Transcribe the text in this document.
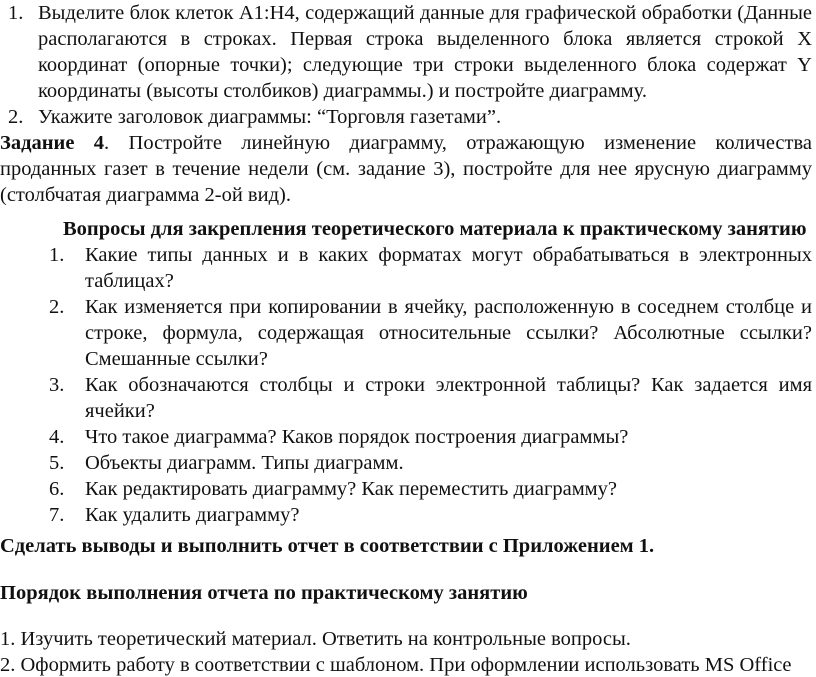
1. Выделите блок клеток А1:Н4, содержащий данные для графической обработки (Данные располагаются в строках. Первая строка выделенного блока является строкой Х координат (опорные точки); следующие три строки выделенного блока содержат Y координаты (высоты столбиков) диаграммы.) и постройте диаграмму.
2. Укажите заголовок диаграммы: “Торговля газетами”.

Задание 4. Постройте линейную диаграмму, отражающую изменение количества проданных газет в течение недели (см. задание 3), постройте для нее ярусную диаграмму (столбчатая диаграмма 2-ой вид).

Вопросы для закрепления теоретического материала к практическому занятию

1. Какие типы данных и в каких форматах могут обрабатываться в электронных таблицах?
2. Как изменяется при копировании в ячейку, расположенную в соседнем столбце и строке, формула, содержащая относительные ссылки? Абсолютные ссылки? Смешанные ссылки?
3. Как обозначаются столбцы и строки электронной таблицы? Как задается имя ячейки?
4. Что такое диаграмма? Каков порядок построения диаграммы?
5. Объекты диаграмм. Типы диаграмм.
6. Как редактировать диаграмму? Как переместить диаграмму?
7. Как удалить диаграмму?

Сделать выводы и выполнить отчет в соответствии с Приложением 1.

Порядок выполнения отчета по практическому занятию

1. Изучить теоретический материал. Ответить на контрольные вопросы.

2. Оформить работу в соответствии с шаблоном. При оформлении использовать MS Office
